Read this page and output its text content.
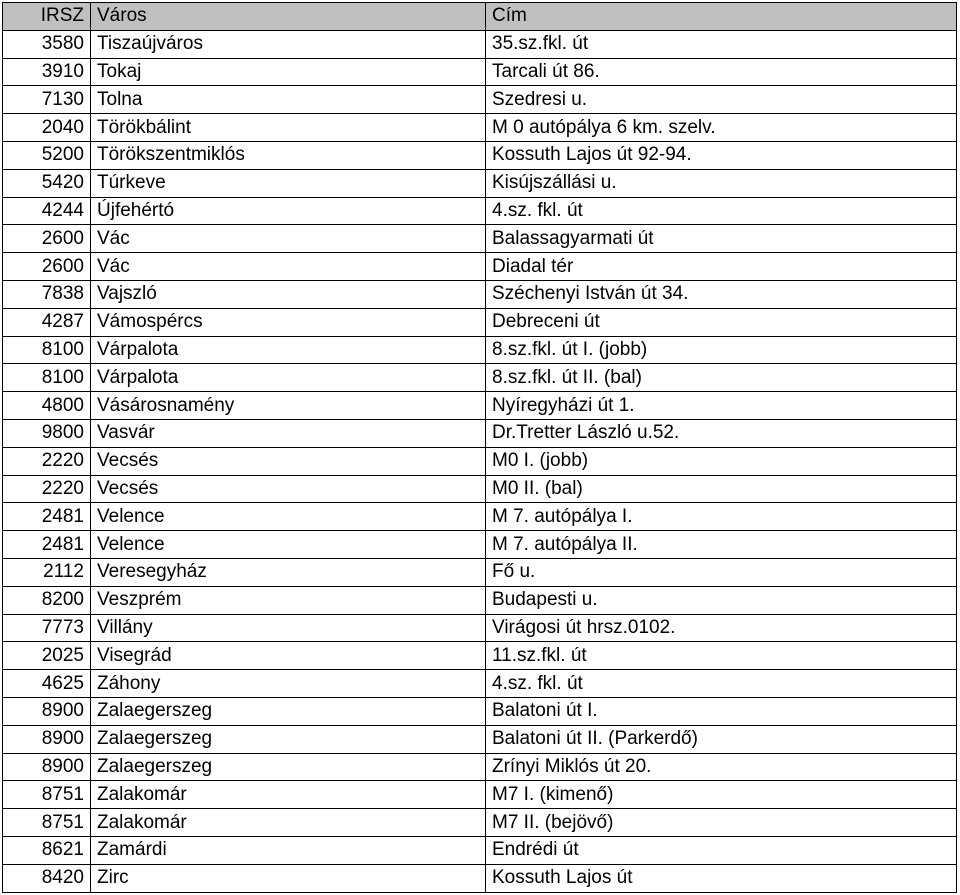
IRSZ	Város	Cím
3580	Tiszaújváros	35.sz.fkl. út
3910	Tokaj	Tarcali út 86.
7130	Tolna	Szedresi u.
2040	Törökbálint	M 0 autópálya 6 km. szelv.
5200	Törökszentmiklós	Kossuth Lajos út 92-94.
5420	Túrkeve	Kisújszállási u.
4244	Újfehértó	4.sz. fkl. út
2600	Vác	Balassagyarmati út
2600	Vác	Diadal tér
7838	Vajszló	Széchenyi István út 34.
4287	Vámospércs	Debreceni út
8100	Várpalota	8.sz.fkl. út I. (jobb)
8100	Várpalota	8.sz.fkl. út II. (bal)
4800	Vásárosnamény	Nyíregyházi út 1.
9800	Vasvár	Dr.Tretter László u.52.
2220	Vecsés	M0 I. (jobb)
2220	Vecsés	M0 II. (bal)
2481	Velence	M 7. autópálya I.
2481	Velence	M 7. autópálya II.
2112	Veresegyház	Fő u.
8200	Veszprém	Budapesti u.
7773	Villány	Virágosi út hrsz.0102.
2025	Visegrád	11.sz.fkl. út
4625	Záhony	4.sz. fkl. út
8900	Zalaegerszeg	Balatoni út I.
8900	Zalaegerszeg	Balatoni út II. (Parkerdő)
8900	Zalaegerszeg	Zrínyi Miklós út 20.
8751	Zalakomár	M7 I. (kimenő)
8751	Zalakomár	M7 II. (bejövő)
8621	Zamárdi	Endrédi út
8420	Zirc	Kossuth Lajos út
